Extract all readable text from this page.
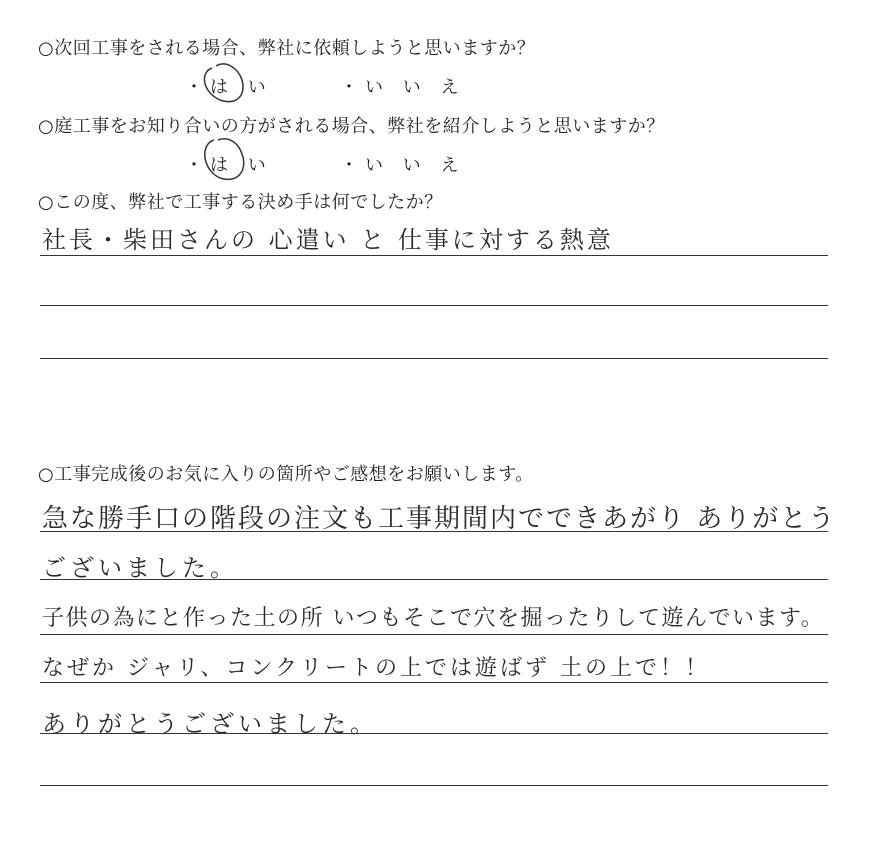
○次回工事をされる場合、弊社に依頼しようと思いますか？
・は い	・い い え
○庭工事をお知り合いの方がされる場合、弊社を紹介しようと思いますか？
・は い	・い い え
○この度、弊社で工事する決め手は何でしたか？
社長・柴田さんの 心遣い と 仕事に対する熱意
○工事完成後のお気に入りの箇所やご感想をお願いします。
急な勝手口の階段の注文も工事期間内でできあがり ありがとう
ございました。
子供の為にと作った土の所 いつもそこで穴を掘ったりして遊んでいます。
なぜか ジャリ、コンクリートの上では遊ばず 土の上で！！
ありがとうございました。
